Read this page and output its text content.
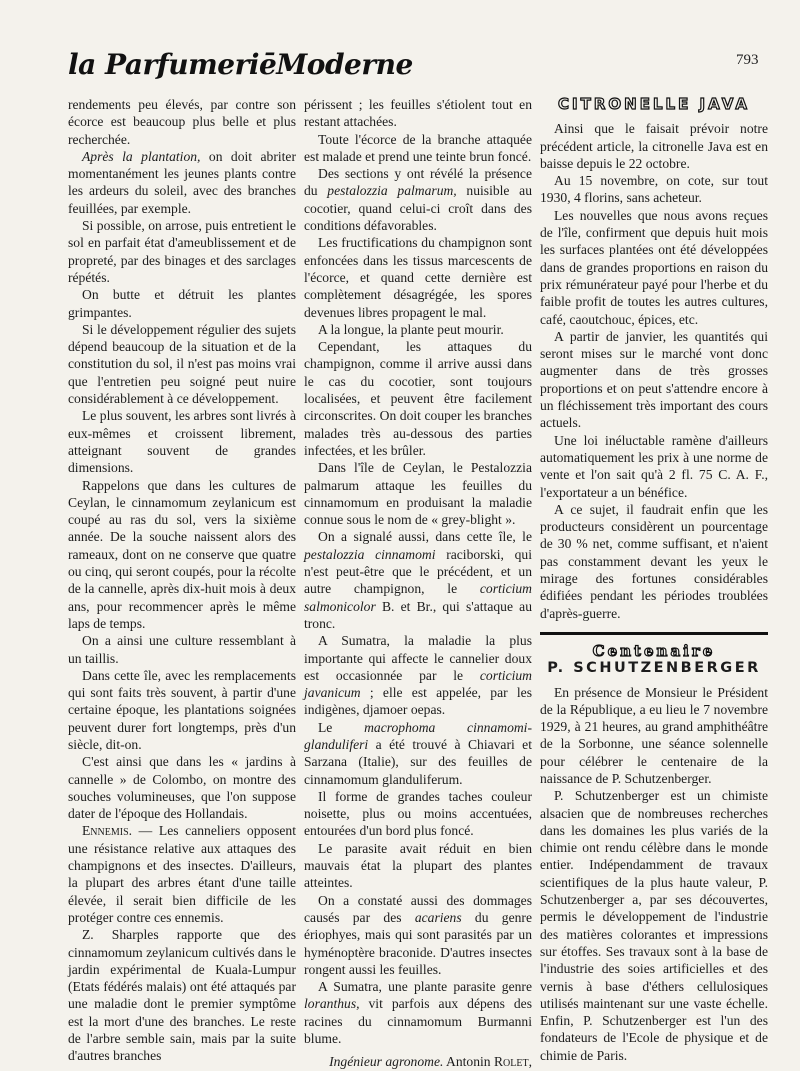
la ParfumeriēModerne	793

rendements peu élevés, par contre son écorce est beaucoup plus belle et plus recherchée.

Après la plantation, on doit abriter momentanément les jeunes plants contre les ardeurs du soleil, avec des branches feuillées, par exemple.

Si possible, on arrose, puis entretient le sol en parfait état d'ameublissement et de propreté, par des binages et des sarclages répétés.

On butte et détruit les plantes grimpantes.

Si le développement régulier des sujets dépend beaucoup de la situation et de la constitution du sol, il n'est pas moins vrai que l'entretien peu soigné peut nuire considérablement à ce développement.

Le plus souvent, les arbres sont livrés à eux-mêmes et croissent librement, atteignant souvent de grandes dimensions.

Rappelons que dans les cultures de Ceylan, le cinnamomum zeylanicum est coupé au ras du sol, vers la sixième année. De la souche naissent alors des rameaux, dont on ne conserve que quatre ou cinq, qui seront coupés, pour la récolte de la cannelle, après dix-huit mois à deux ans, pour recommencer après le même laps de temps.

On a ainsi une culture ressemblant à un taillis.

Dans cette île, avec les remplacements qui sont faits très souvent, à partir d'une certaine époque, les plantations soignées peuvent durer fort longtemps, près d'un siècle, dit-on.

C'est ainsi que dans les « jardins à cannelle » de Colombo, on montre des souches volumineuses, que l'on suppose dater de l'époque des Hollandais.

Ennemis. — Les canneliers opposent une résistance relative aux attaques des champignons et des insectes. D'ailleurs, la plupart des arbres étant d'une taille élevée, il serait bien difficile de les protéger contre ces ennemis.

Z. Sharples rapporte que des cinnamomum zeylanicum cultivés dans le jardin expérimental de Kuala-Lumpur (Etats fédérés malais) ont été attaqués par une maladie dont le premier symptôme est la mort d'une des branches. Le reste de l'arbre semble sain, mais par la suite d'autres branches

périssent ; les feuilles s'étiolent tout en restant attachées.

Toute l'écorce de la branche attaquée est malade et prend une teinte brun foncé.

Des sections y ont révélé la présence du pestalozzia palmarum, nuisible au cocotier, quand celui-ci croît dans des conditions défavorables.

Les fructifications du champignon sont enfoncées dans les tissus marcescents de l'écorce, et quand cette dernière est complètement désagrégée, les spores devenues libres propagent le mal.

A la longue, la plante peut mourir.

Cependant, les attaques du champignon, comme il arrive aussi dans le cas du cocotier, sont toujours localisées, et peuvent être facilement circonscrites. On doit couper les branches malades très au-dessous des parties infectées, et les brûler.

Dans l'île de Ceylan, le Pestalozzia palmarum attaque les feuilles du cinnamomum en produisant la maladie connue sous le nom de « grey-blight ».

On a signalé aussi, dans cette île, le pestalozzia cinnamomi raciborski, qui n'est peut-être que le précédent, et un autre champignon, le corticium salmonicolor B. et Br., qui s'attaque au tronc.

A Sumatra, la maladie la plus importante qui affecte le cannelier doux est occasionnée par le corticium javanicum ; elle est appelée, par les indigènes, djamoer oepas.

Le macrophoma cinnamomi-glanduliferi a été trouvé à Chiavari et Sarzana (Italie), sur des feuilles de cinnamomum glanduliferum.

Il forme de grandes taches couleur noisette, plus ou moins accentuées, entourées d'un bord plus foncé.

Le parasite avait réduit en bien mauvais état la plupart des plantes atteintes.

On a constaté aussi des dommages causés par des acariens du genre ériophyes, mais qui sont parasités par un hyménoptère braconide. D'autres insectes rongent aussi les feuilles.

A Sumatra, une plante parasite genre loranthus, vit parfois aux dépens des racines du cinnamomum Burmanni blume.

Ingénieur agronome. Antonin Rolet,

CITRONELLE JAVA

Ainsi que le faisait prévoir notre précédent article, la citronelle Java est en baisse depuis le 22 octobre.

Au 15 novembre, on cote, sur tout 1930, 4 florins, sans acheteur.

Les nouvelles que nous avons reçues de l'île, confirment que depuis huit mois les surfaces plantées ont été développées dans de grandes proportions en raison du prix rémunérateur payé pour l'herbe et du faible profit de toutes les autres cultures, café, caoutchouc, épices, etc.

A partir de janvier, les quantités qui seront mises sur le marché vont donc augmenter dans de très grosses proportions et on peut s'attendre encore à un fléchissement très important des cours actuels.

Une loi inéluctable ramène d'ailleurs automatiquement les prix à une norme de vente et l'on sait qu'à 2 fl. 75 C. A. F., l'exportateur a un bénéfice.

A ce sujet, il faudrait enfin que les producteurs considèrent un pourcentage de 30 % net, comme suffisant, et n'aient pas constamment devant les yeux le mirage des fortunes considérables édifiées pendant les périodes troublées d'après-guerre.

Centenaire
P. SCHUTZENBERGER

En présence de Monsieur le Président de la République, a eu lieu le 7 novembre 1929, à 21 heures, au grand amphithéâtre de la Sorbonne, une séance solennelle pour célébrer le centenaire de la naissance de P. Schutzenberger.

P. Schutzenberger est un chimiste alsacien que de nombreuses recherches dans les domaines les plus variés de la chimie ont rendu célèbre dans le monde entier. Indépendamment de travaux scientifiques de la plus haute valeur, P. Schutzenberger a, par ses découvertes, permis le développement de l'industrie des matières colorantes et impressions sur étoffes. Ses travaux sont à la base de l'industrie des soies artificielles et des vernis à base d'éthers cellulosiques utilisés maintenant sur une vaste échelle. Enfin, P. Schutzenberger est l'un des fondateurs de l'Ecole de physique et de chimie de Paris.
